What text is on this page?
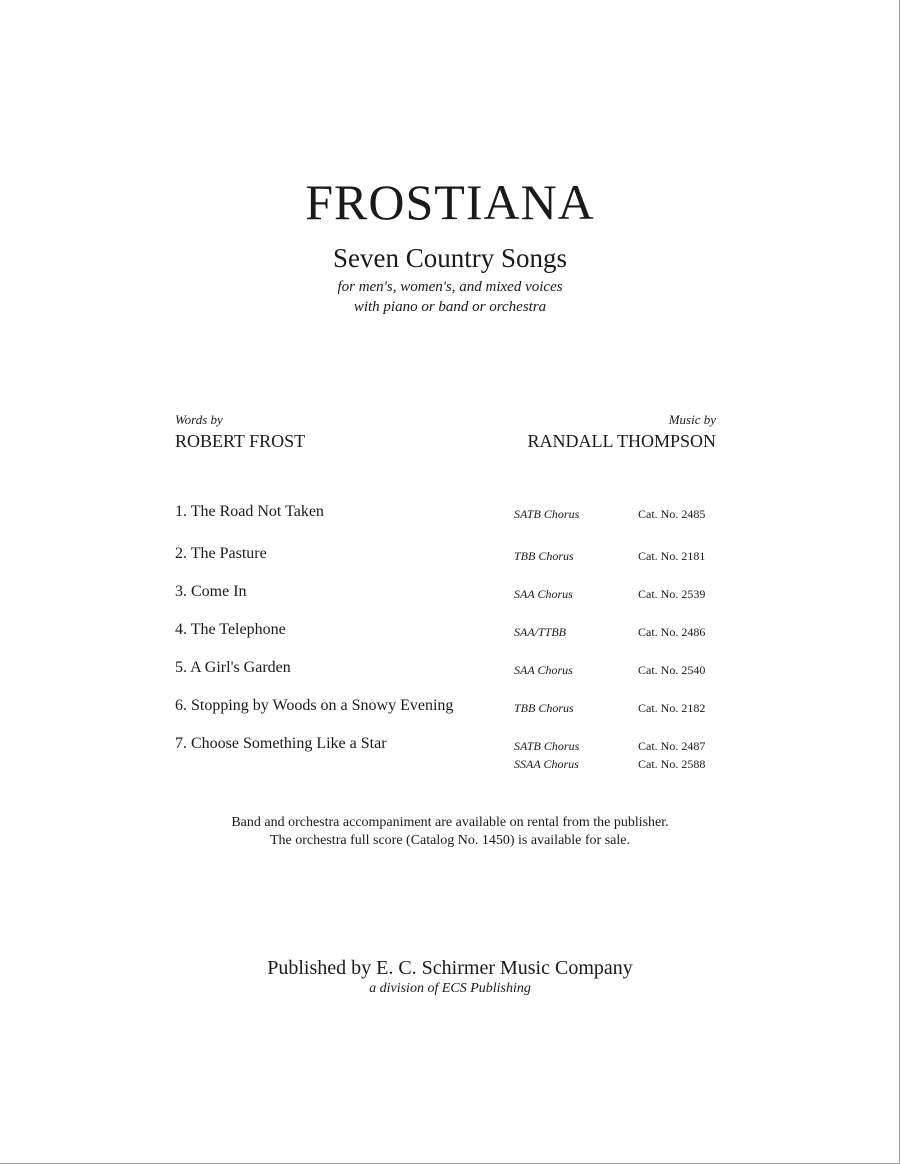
FROSTIANA
Seven Country Songs
for men's, women's, and mixed voices
with piano or band or orchestra
Words by
ROBERT FROST
Music by
RANDALL THOMPSON
1. The Road Not Taken	SATB Chorus	Cat. No. 2485
2. The Pasture	TBB Chorus	Cat. No. 2181
3. Come In	SAA Chorus	Cat. No. 2539
4. The Telephone	SAA/TTBB	Cat. No. 2486
5. A Girl's Garden	SAA Chorus	Cat. No. 2540
6. Stopping by Woods on a Snowy Evening	TBB Chorus	Cat. No. 2182
7. Choose Something Like a Star	SATB Chorus	Cat. No. 2487
SSAA Chorus	Cat. No. 2588
Band and orchestra accompaniment are available on rental from the publisher.
The orchestra full score (Catalog No. 1450) is available for sale.
Published by E. C. Schirmer Music Company
a division of ECS Publishing
